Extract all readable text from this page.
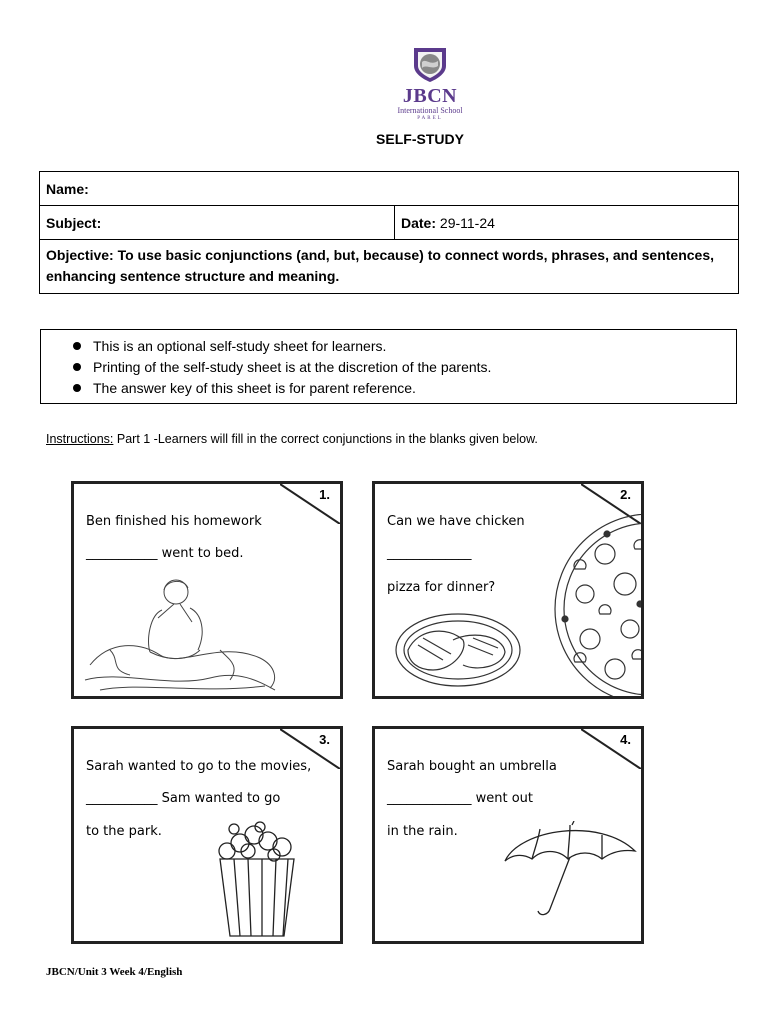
JBCN
International School
PAREL
SELF-STUDY
Name:
Subject:	Date: 29-11-24
Objective: To use basic conjunctions (and, but, because) to connect words, phrases, and sentences, enhancing sentence structure and meaning.
This is an optional self-study sheet for learners.
Printing of the self-study sheet is at the discretion of the parents.
The answer key of this sheet is for parent reference.
Instructions: Part 1 -Learners will fill in the correct conjunctions in the blanks given below.
1.
Ben finished his homework
___________ went to bed.
2.
Can we have chicken
_____________
pizza for dinner?
3.
Sarah wanted to go to the movies,
___________ Sam wanted to go
to the park.
4.
Sarah bought an umbrella
_____________ went out
in the rain.
JBCN/Unit 3 Week 4/English
